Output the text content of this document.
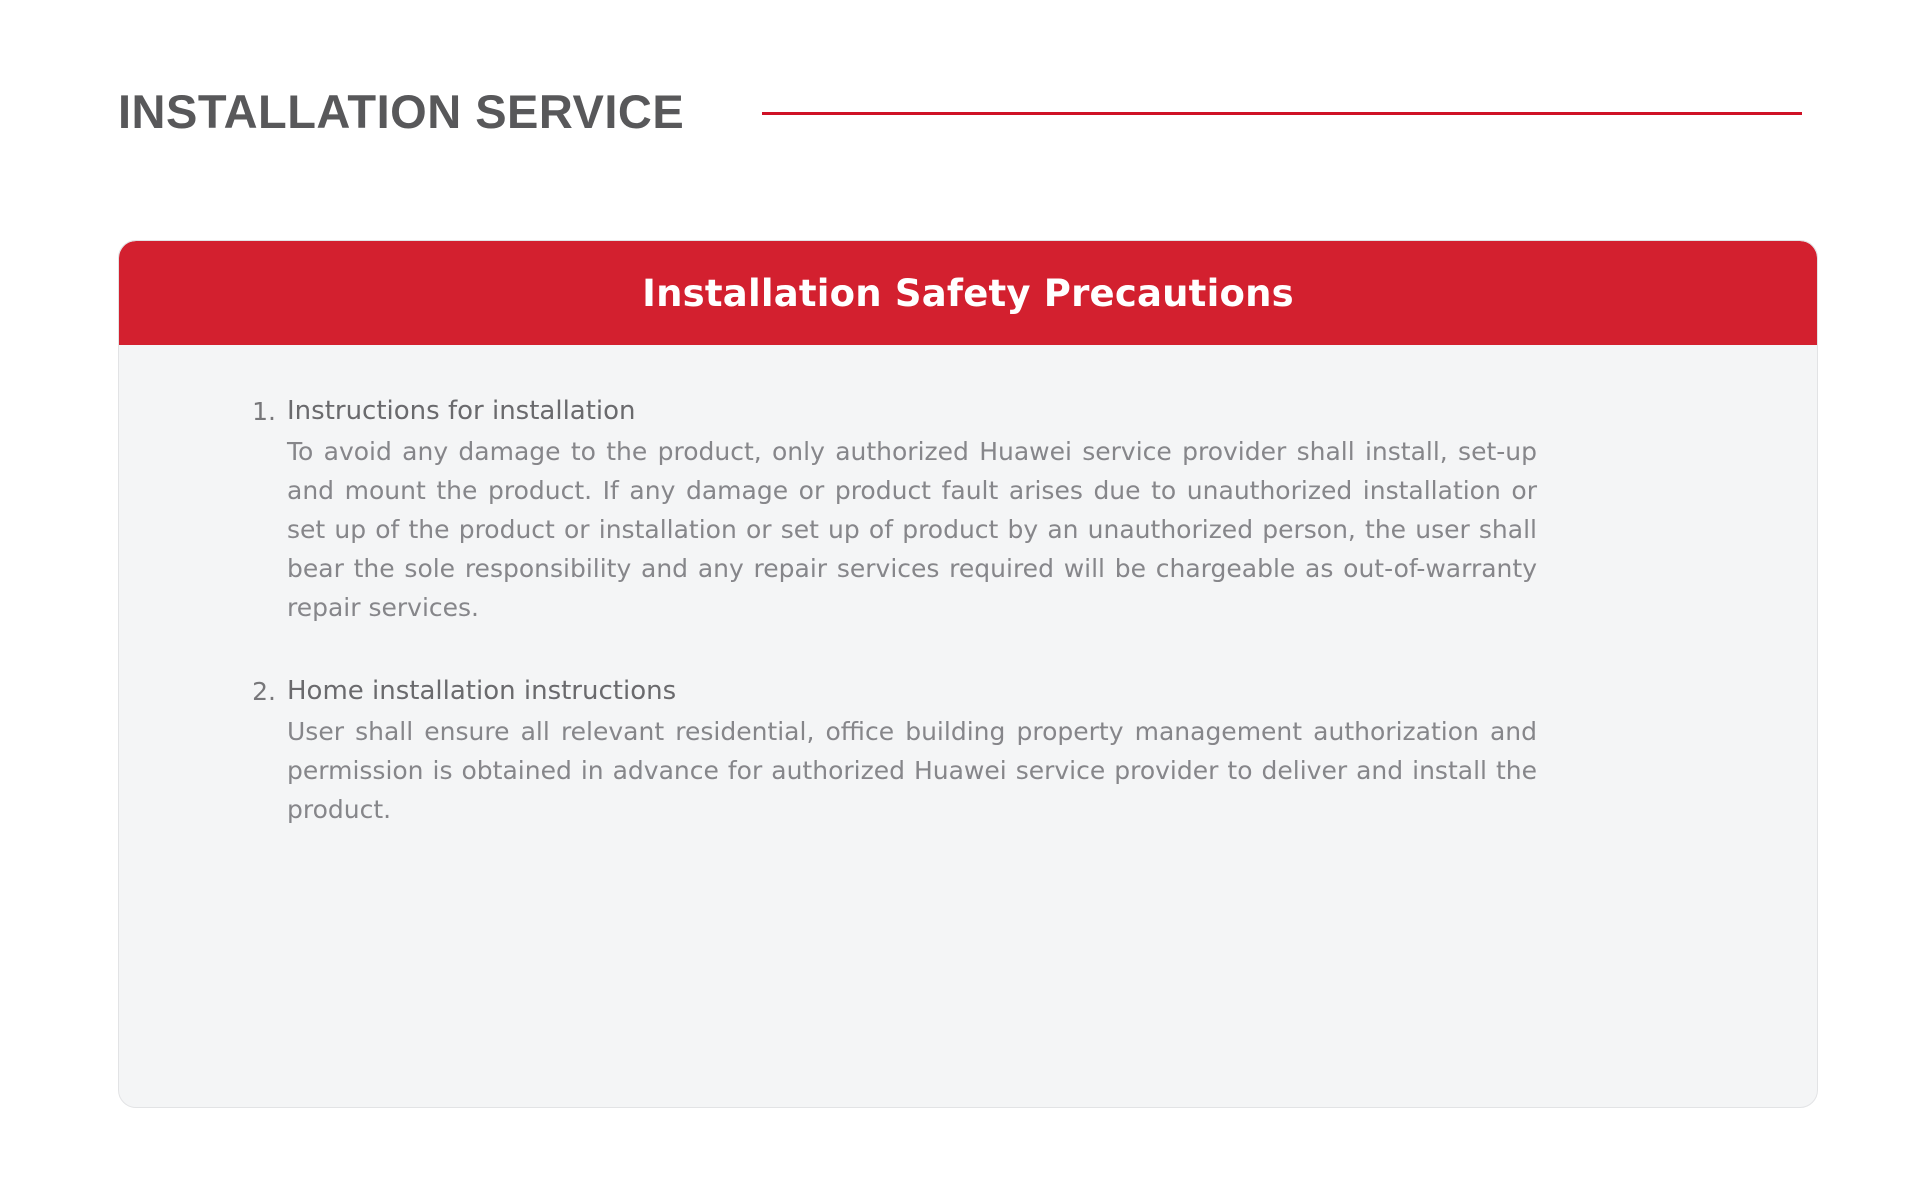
INSTALLATION SERVICE
Installation Safety Precautions
1. Instructions for installation
To avoid any damage to the product, only authorized Huawei service provider shall install, set-up and mount the product. If any damage or product fault arises due to unauthorized installation or set up of the product or installation or set up of product by an unauthorized person, the user shall bear the sole responsibility and any repair services required will be chargeable as out-of-warranty repair services.
2. Home installation instructions
User shall ensure all relevant residential, office building property management authorization and permission is obtained in advance for authorized Huawei service provider to deliver and install the product.
